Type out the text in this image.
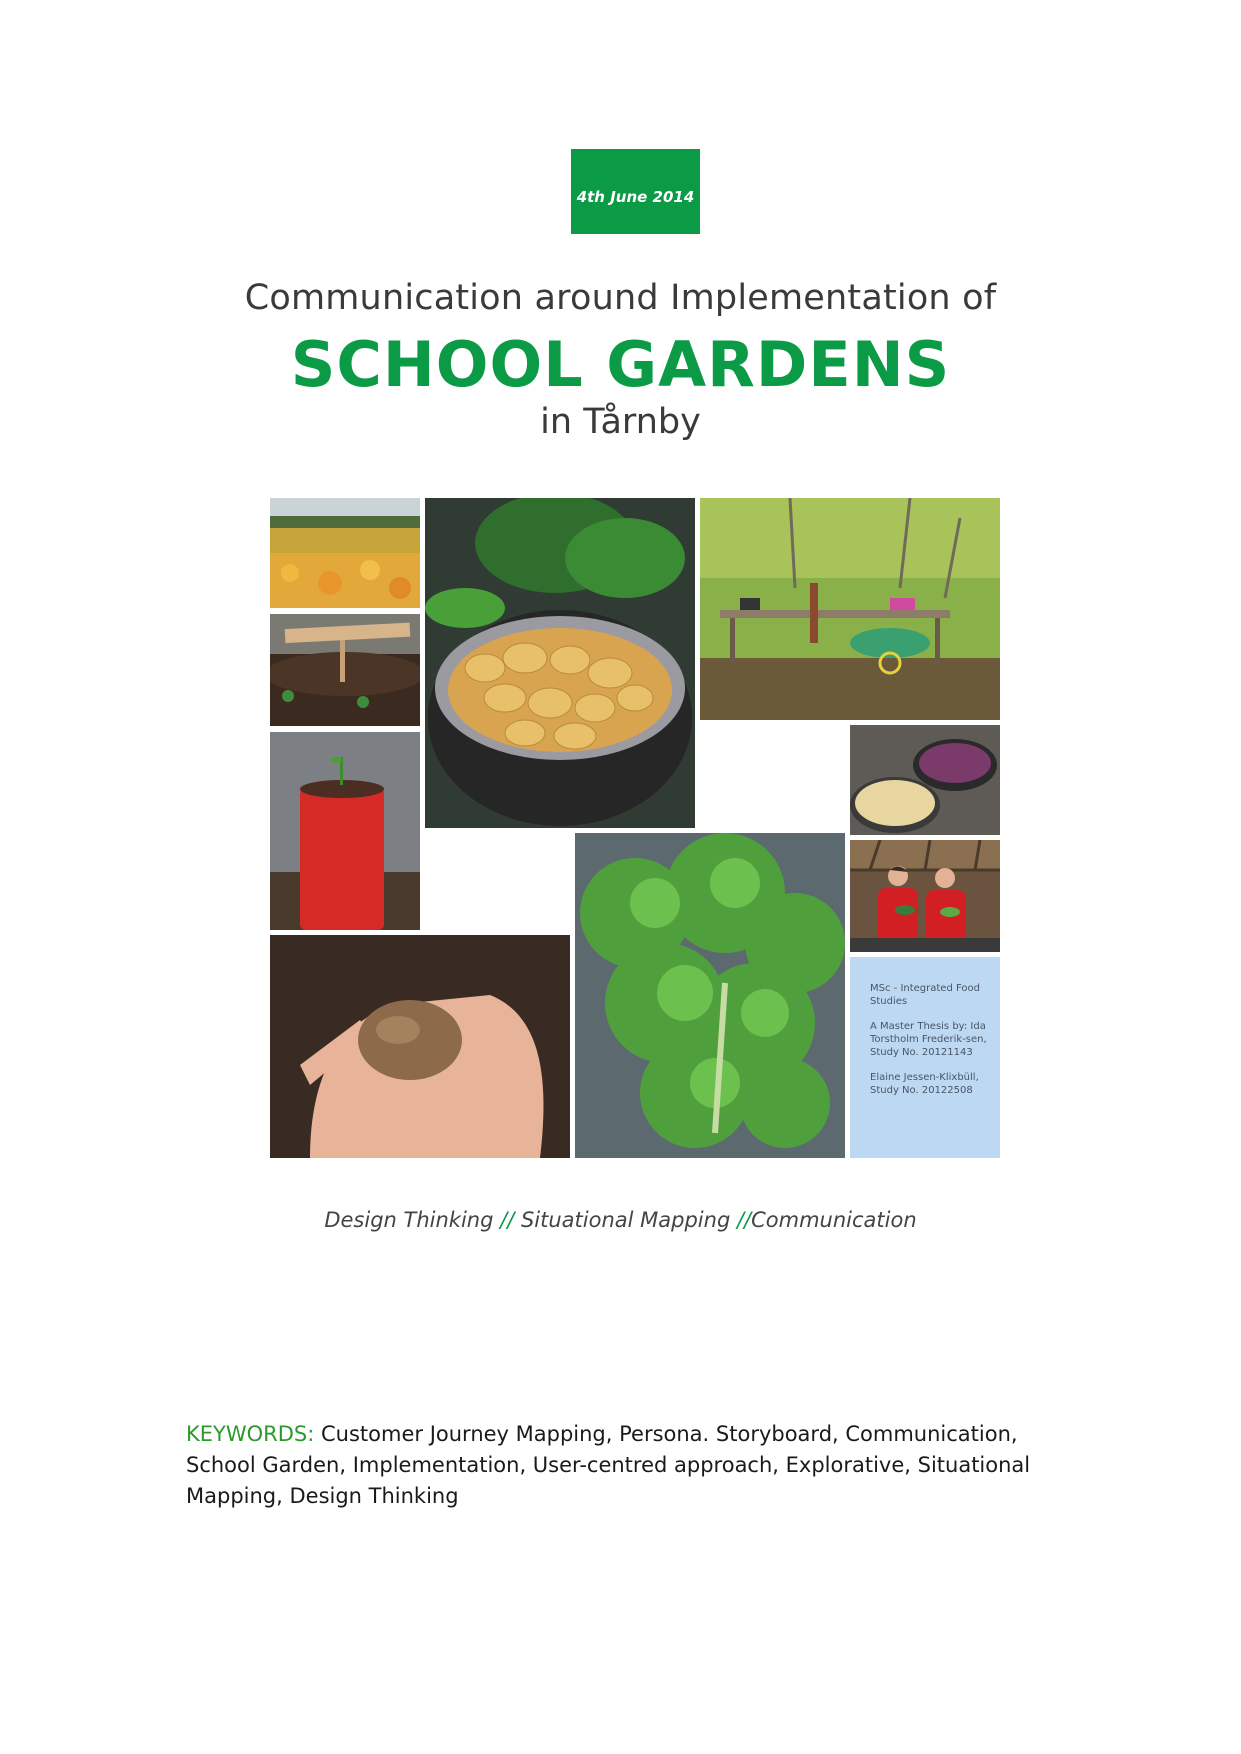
4th June 2014
Communication around Implementation of
SCHOOL GARDENS
in Tårnby

MSc - Integrated Food Studies

A Master Thesis by: Ida Torstholm Frederik-sen, Study No. 20121143

Elaine Jessen-Klixbüll, Study No. 20122508

Design Thinking // Situational Mapping //Communication
KEYWORDS: Customer Journey Mapping, Persona. Storyboard, Communication, School Garden, Implementation, User-centred approach, Explorative, Situational Mapping, Design Thinking
